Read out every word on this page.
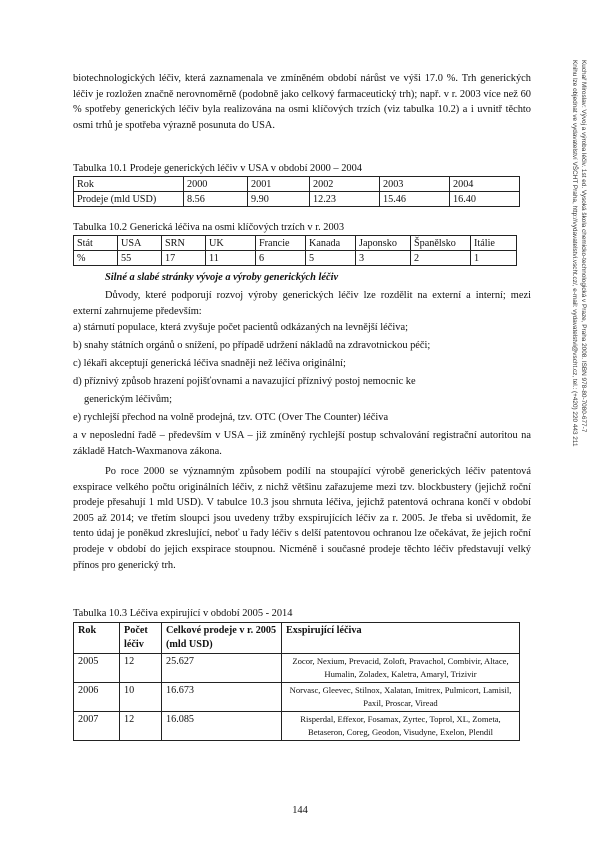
biotechnologických léčiv, která zaznamenala ve zmíněném období nárůst ve výši 17.0 %. Trh generických léčiv je rozložen značně nerovnoměrně (podobně jako celkový farmaceutický trh); např. v r. 2003 více než 60 % spotřeby generických léčiv byla realizována na osmi klíčových trzích (viz tabulka 10.2) a i uvnitř těchto osmi trhů je spotřeba výrazně posunuta do USA.

Tabulka 10.1 Prodeje generických léčiv v USA v období 2000 – 2004

Rok	2000	2001	2002	2003	2004
Prodeje (mld USD)	8.56	9.90	12.23	15.46	16.40

Tabulka 10.2 Generická léčiva na osmi klíčových trzích v r. 2003

Stát	USA	SRN	UK	Francie	Kanada	Japonsko	Španělsko	Itálie
%	55	17	11	6	5	3	2	1

Silné a slabé stránky vývoje a výroby generických léčiv

Důvody, které podporují rozvoj výroby generických léčiv lze rozdělit na externí a interní; mezi externí zahrnujeme především:

a) stárnutí populace, která zvyšuje počet pacientů odkázaných na levnější léčiva;

b) snahy státních orgánů o snížení, po případě udržení nákladů na zdravotnickou péči;

c) lékaři akceptují generická léčiva snadněji než léčiva originální;

d) příznivý způsob hrazení pojišťovnami a navazující příznivý postoj nemocnic ke

generickým léčivům;

e) rychlejší přechod na volně prodejná, tzv. OTC (Over The Counter) léčiva

a v neposlední řadě – především v USA – již zmíněný rychlejší postup schvalování registrační autoritou na základě Hatch-Waxmanova zákona.

Po roce 2000 se významným způsobem podílí na stoupající výrobě generických léčiv patentová exspirace velkého počtu originálních léčiv, z nichž většinu zařazujeme mezi tzv. blockbustery (jejichž roční prodeje přesahují 1 mld USD). V tabulce 10.3 jsou shrnuta léčiva, jejichž patentová ochrana končí v období 2005 až 2014; ve třetím sloupci jsou uvedeny tržby exspirujících léčiv za r. 2005. Je třeba si uvědomit, že tento údaj je poněkud zkreslující, neboť u řady léčiv s delší patentovou ochranou lze očekávat, že jejich roční prodeje v období do jejich exspirace stoupnou. Nicméně i současné prodeje těchto léčiv představují velký přínos pro generický trh.

Tabulka 10.3 Léčiva expirující v období 2005 - 2014

Rok	Počet léčiv	Celkové prodeje v r. 2005 (mld USD)	Exspirující léčiva
2005	12	25.627	Zocor, Nexium, Prevacid, Zoloft, Pravachol, Combivir, Altace, Humalin, Zoladex, Kaletra, Amaryl, Trizivir
2006	10	16.673	Norvasc, Gleevec, Stilnox, Xalatan, Imitrex, Pulmicort, Lamisil, Paxil, Proscar, Viread
2007	12	16.085	Risperdal, Effexor, Fosamax, Zyrtec, Toprol, XL, Zometa, Betaseron, Coreg, Geodon, Visudyne, Exelon, Plendil
144
Kuchař Miroslav: Vývoj a výroba léčiv. 1st ed. Vysoká škola chemicko-technologická v Praze, Praha 2008. ISBN 978-80-7080-677-7
Knihu lze objednat ve vydavatelství VŠCHT Praha, http://vydavatelstvi.vscht.cz/, e-mail: vydavatelstvi@vscht.cz, tel.: (+420) 220 443 211
